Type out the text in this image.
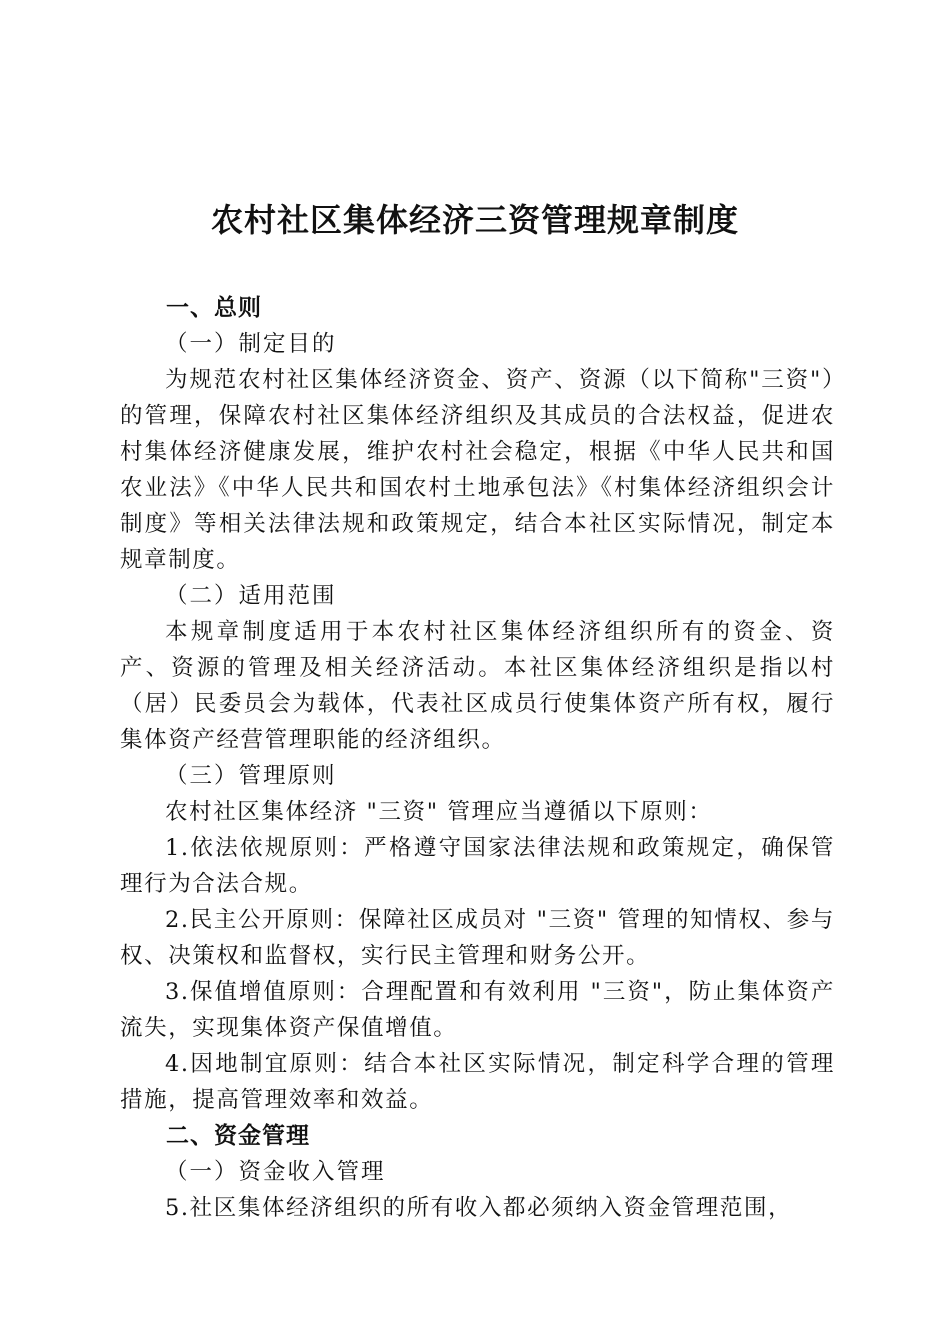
农村社区集体经济三资管理规章制度

一、总则

（一）制定目的

为规范农村社区集体经济资金、资产、资源（以下简称"三资"）的管理，保障农村社区集体经济组织及其成员的合法权益，促进农村集体经济健康发展，维护农村社会稳定，根据《中华人民共和国农业法》《中华人民共和国农村土地承包法》《村集体经济组织会计制度》等相关法律法规和政策规定，结合本社区实际情况，制定本规章制度。

（二）适用范围

本规章制度适用于本农村社区集体经济组织所有的资金、资产、资源的管理及相关经济活动。本社区集体经济组织是指以村（居）民委员会为载体，代表社区成员行使集体资产所有权，履行集体资产经营管理职能的经济组织。

（三）管理原则

农村社区集体经济 "三资" 管理应当遵循以下原则：

1.依法依规原则：严格遵守国家法律法规和政策规定，确保管理行为合法合规。

2.民主公开原则：保障社区成员对 "三资" 管理的知情权、参与权、决策权和监督权，实行民主管理和财务公开。

3.保值增值原则：合理配置和有效利用 "三资"，防止集体资产流失，实现集体资产保值增值。

4.因地制宜原则：结合本社区实际情况，制定科学合理的管理措施，提高管理效率和效益。

二、资金管理

（一）资金收入管理

5.社区集体经济组织的所有收入都必须纳入资金管理范围，
